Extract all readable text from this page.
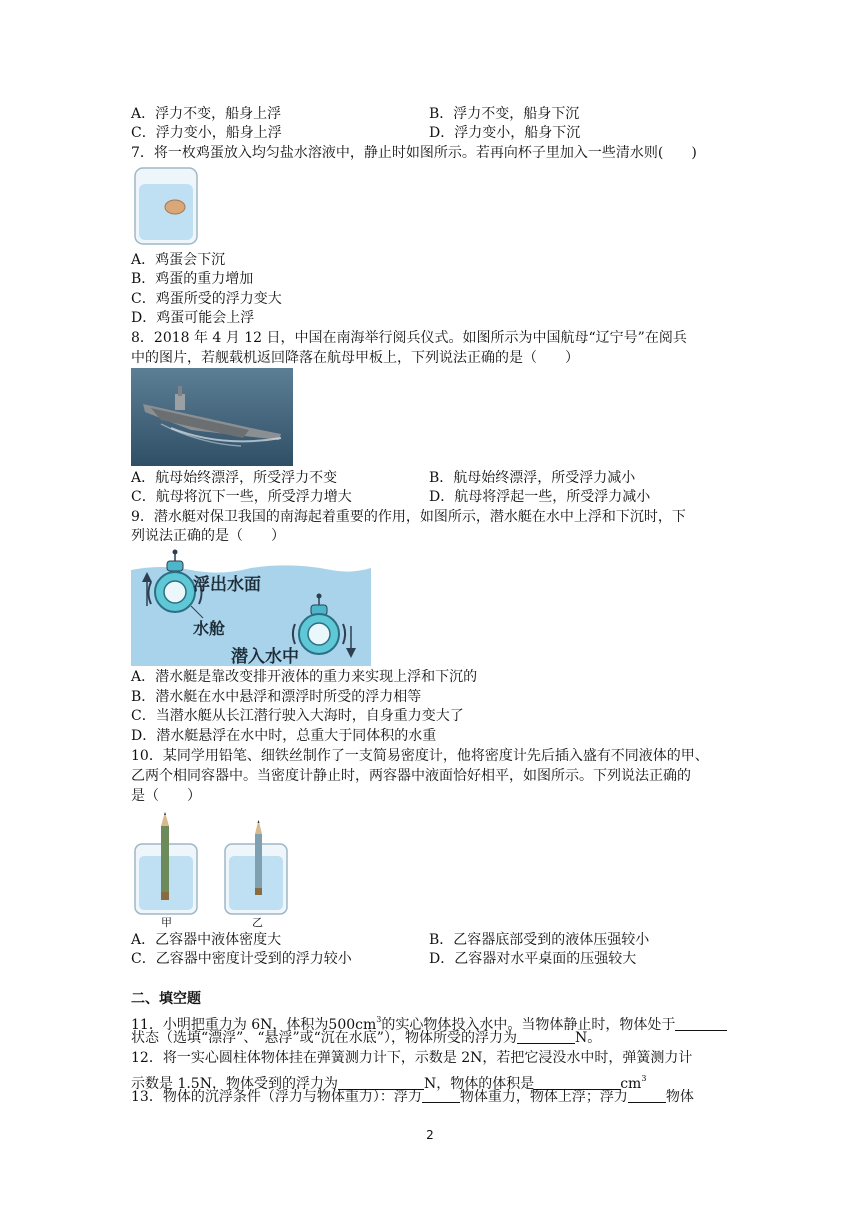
A．浮力不变，船身上浮	B．浮力不变，船身下沉
C．浮力变小，船身上浮	D．浮力变小，船身下沉
7．将一枚鸡蛋放入均匀盐水溶液中，静止时如图所示。若再向杯子里加入一些清水则(　　)
A．鸡蛋会下沉
B．鸡蛋的重力增加
C．鸡蛋所受的浮力变大
D．鸡蛋可能会上浮
8．2018 年 4 月 12 日，中国在南海举行阅兵仪式。如图所示为中国航母“辽宁号”在阅兵
中的图片，若舰载机返回降落在航母甲板上，下列说法正确的是（　　）
A．航母始终漂浮，所受浮力不变	B．航母始终漂浮，所受浮力减小
C．航母将沉下一些，所受浮力增大	D．航母将浮起一些，所受浮力减小
9．潜水艇对保卫我国的南海起着重要的作用，如图所示，潜水艇在水中上浮和下沉时，下
列说法正确的是（　　）
浮出水面
水舱
潜入水中
A．潜水艇是靠改变排开液体的重力来实现上浮和下沉的
B．潜水艇在水中悬浮和漂浮时所受的浮力相等
C．当潜水艇从长江潜行驶入大海时，自身重力变大了
D．潜水艇悬浮在水中时，总重大于同体积的水重
10．某同学用铅笔、细铁丝制作了一支简易密度计，他将密度计先后插入盛有不同液体的甲、
乙两个相同容器中。当密度计静止时，两容器中液面恰好相平，如图所示。下列说法正确的
是（　　）
甲	乙
A．乙容器中液体密度大	B．乙容器底部受到的液体压强较小
C．乙容器中密度计受到的浮力较小	D．乙容器对水平桌面的压强较大
二、填空题
11．小明把重力为 6N，体积为$500cm^3$的实心物体投入水中。当物体静止时，物体处于
状态（选填“漂浮”、“悬浮”或“沉在水底”），物体所受的浮力为	N。
12．将一实心圆柱体物体挂在弹簧测力计下，示数是 2N，若把它浸没水中时，弹簧测力计
示数是 1.5N，物体受到的浮力为	N，物体的体积是	$cm^3$
13．物体的沉浮条件（浮力与物体重力）：浮力	物体重力，物体上浮；浮力	物体
2
